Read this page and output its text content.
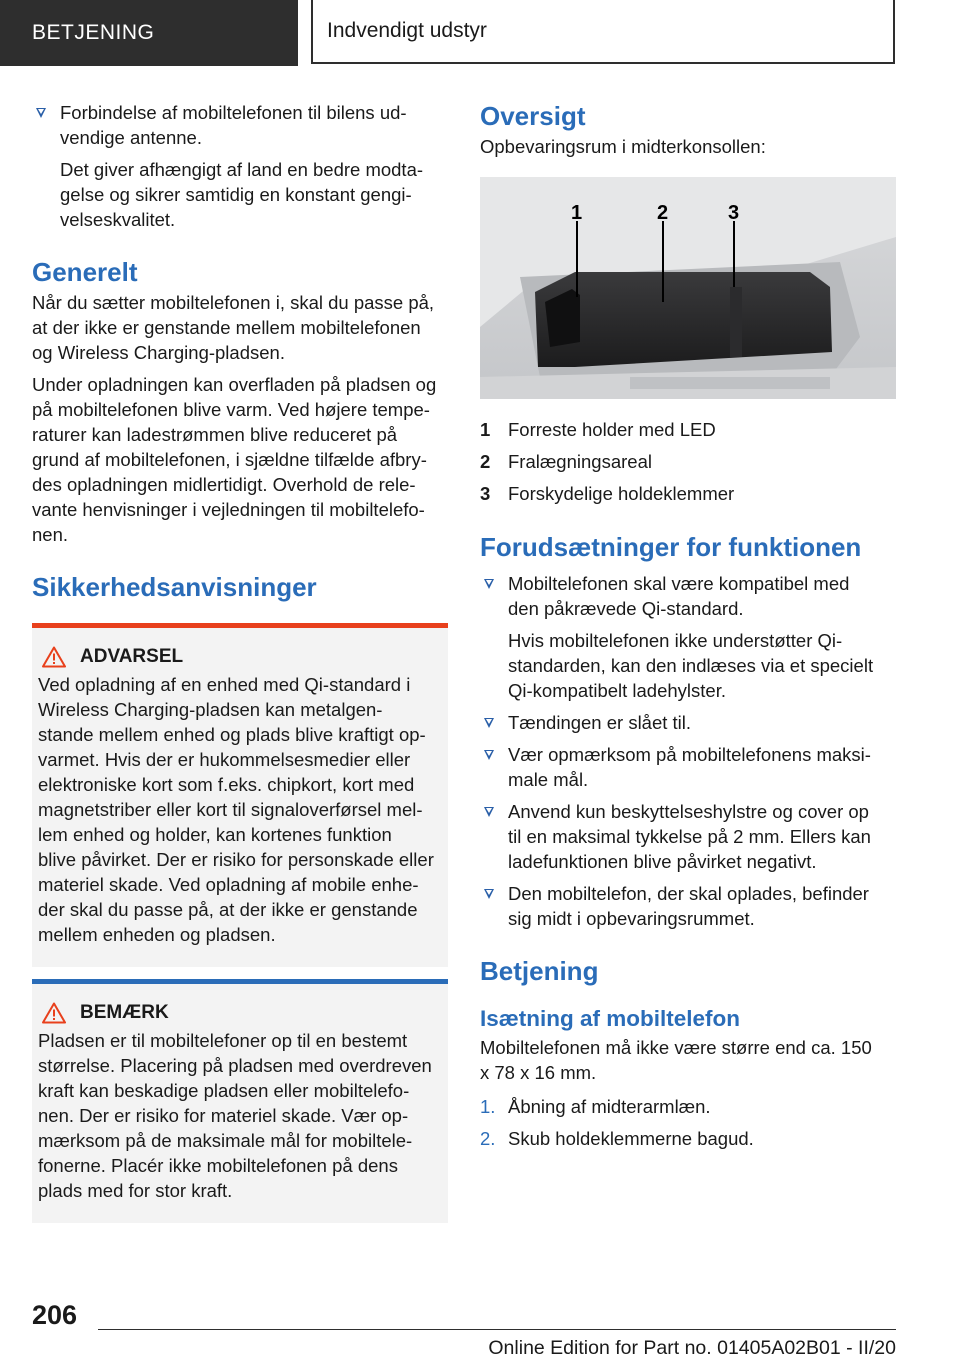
BETJENING	Indvendigt udstyr

Forbindelse af mobiltelefonen til bilens ud-

vendige antenne.

Det giver afhængigt af land en bedre modta-

gelse og sikrer samtidig en konstant gengi-

velseskvalitet.

Generelt

Når du sætter mobiltelefonen i, skal du passe på,

at der ikke er genstande mellem mobiltelefonen

og Wireless Charging-pladsen.

Under opladningen kan overfladen på pladsen og

på mobiltelefonen blive varm. Ved højere tempe-

raturer kan ladestrømmen blive reduceret på

grund af mobiltelefonen, i sjældne tilfælde afbry-

des opladningen midlertidigt. Overhold de rele-

vante henvisninger i vejledningen til mobiltelefo-

nen.

Sikkerhedsanvisninger
ADVARSEL

Ved opladning af en enhed med Qi-standard i

Wireless Charging-pladsen kan metalgen-

stande mellem enhed og plads blive kraftigt op-

varmet. Hvis der er hukommelsesmedier eller

elektroniske kort som f.eks. chipkort, kort med

magnetstriber eller kort til signaloverførsel mel-

lem enhed og holder, kan kortenes funktion

blive påvirket. Der er risiko for personskade eller

materiel skade. Ved opladning af mobile enhe-

der skal du passe på, at der ikke er genstande

mellem enheden og pladsen.

BEMÆRK

Pladsen er til mobiltelefoner op til en bestemt

størrelse. Placering på pladsen med overdreven

kraft kan beskadige pladsen eller mobiltelefo-

nen. Der er risiko for materiel skade. Vær op-

mærksom på de maksimale mål for mobiltele-

fonerne. Placér ikke mobiltelefonen på dens

plads med for stor kraft.

Oversigt

Opbevaringsrum i midterkonsollen:

1	2	3
1 Forreste holder med LED
2 Fralægningsareal
3 Forskydelige holdeklemmer
Forudsætninger for funktionen

Mobiltelefonen skal være kompatibel med

den påkrævede Qi-standard.

Hvis mobiltelefonen ikke understøtter Qi-

standarden, kan den indlæses via et specielt

Qi-kompatibelt ladehylster.

Tændingen er slået til.

Vær opmærksom på mobiltelefonens maksi-

male mål.

Anvend kun beskyttelseshylstre og cover op

til en maksimal tykkelse på 2 mm. Ellers kan

ladefunktionen blive påvirket negativt.

Den mobiltelefon, der skal oplades, befinder

sig midt i opbevaringsrummet.

Betjening
Isætning af mobiltelefon

Mobiltelefonen må ikke være større end ca. 150

x 78 x 16 mm.

1. Åbning af midterarmlæn.
2. Skub holdeklemmerne bagud.
206
Online Edition for Part no. 01405A02B01 - II/20
